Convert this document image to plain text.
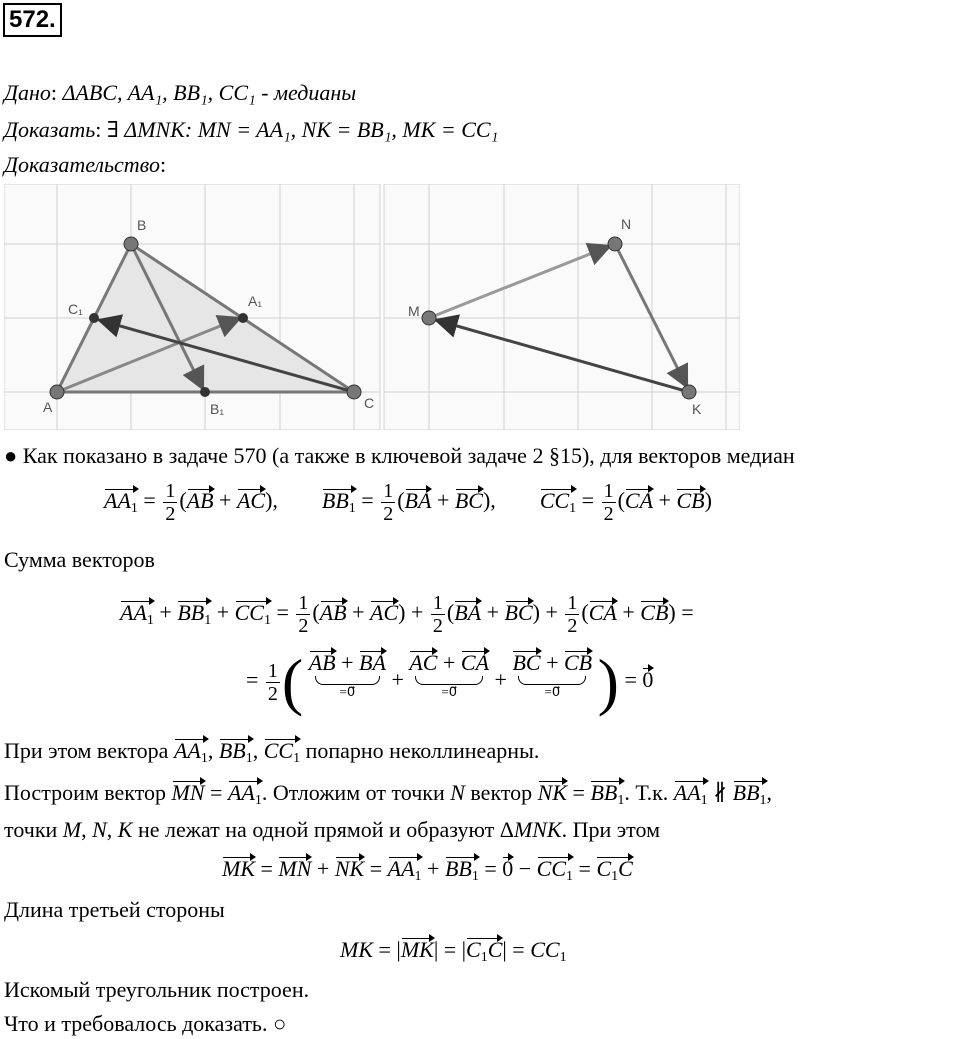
572.
Дано: ΔABC, AA₁, BB₁, CC₁ - медианы
Доказать: ∃ ΔMNK: MN = AA₁, NK = BB₁, MK = CC₁
Доказательство:
B
C₁	A₁
A	B₁	C
N
M
K
● Как показано в задаче 570 (а также в ключевой задаче 2 §15), для векторов медиан
$AA_1 = \frac{1}{2} (AB + AC)$,        $BB_1 = \frac{1}{2} (BA + BC)$,        $CC_1 = \frac{1}{2} (CA + CB)$
Сумма векторов
$AA_1 + BB_1 + CC_1 = \frac{1}{2} (AB + AC) + \frac{1}{2} (BA + BC) + \frac{1}{2} (CA + CB)$ =
= $\frac{1}{2}$ ( AB + BA
=0⃗	+ AC + CA
=0⃗	+ BC + CB
=0⃗ ) = 0
При этом вектора $AA_1$, $BB_1$, $CC_1$ попарно неколлинеарны.
Построим вектор MN = $AA_1$. Отложим от точки N вектор NK = $BB_1$. Т.к. $AA_1$ ∦ $BB_1$,
точки M, N, K не лежат на одной прямой и образуют ΔMNK. При этом
MK = MN + NK = $AA_1 + BB_1 = 0 - CC_1 = C_1C$
Длина третьей стороны
MK = $|MK| = |C_1C| = CC_1$
Искомый треугольник построен.
Что и требовалось доказать. ○
